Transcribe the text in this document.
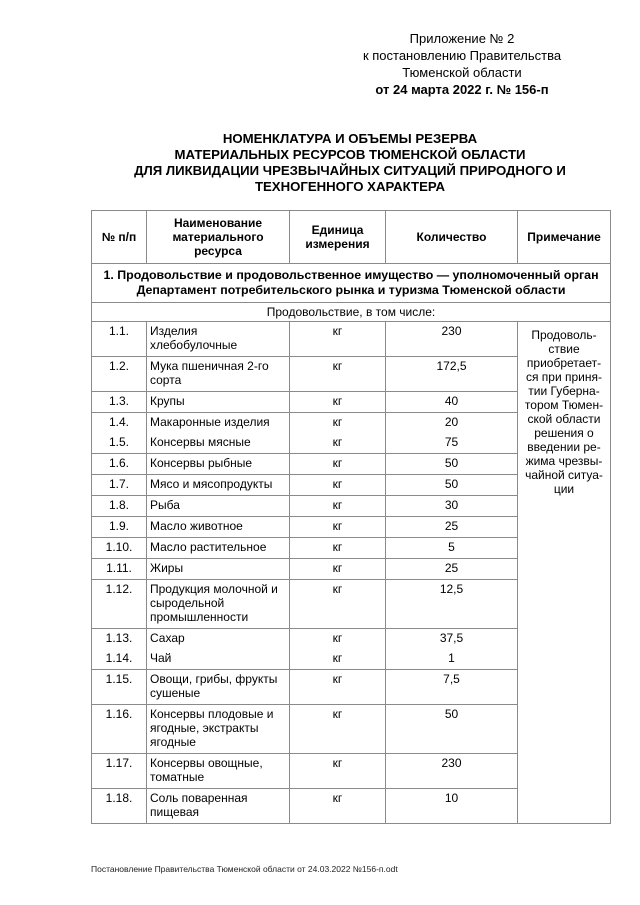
Приложение № 2
к постановлению Правительства
Тюменской области
от 24 марта 2022 г. № 156-п
НОМЕНКЛАТУРА И ОБЪЕМЫ РЕЗЕРВА
МАТЕРИАЛЬНЫХ РЕСУРСОВ ТЮМЕНСКОЙ ОБЛАСТИ
ДЛЯ ЛИКВИДАЦИИ ЧРЕЗВЫЧАЙНЫХ СИТУАЦИЙ ПРИРОДНОГО И
ТЕХНОГЕННОГО ХАРАКТЕРА
№ п/п	Наименование материального ресурса	Единица измерения	Количество	Примечание
1. Продовольствие и продовольственное имущество — уполномоченный орган Департамент потребительского рынка и туризма Тюменской области				
Продовольствие, в том числе:				
1.1.	Изделия хлебобулочные	кг	230	Продоволь-ствие приобретает-ся при приня-тии Губерна-тором Тюмен-ской области решения о введении ре-жима чрезвы-чайной ситуа-ции
1.2.	Мука пшеничная 2-го сорта	кг	172,5	
1.3.	Крупы	кг	40	
1.4.	Макаронные изделия	кг	20	
1.5.	Консервы мясные	кг	75	
1.6.	Консервы рыбные	кг	50	
1.7.	Мясо и мясопродукты	кг	50	
1.8.	Рыба	кг	30	
1.9.	Масло животное	кг	25	
1.10.	Масло растительное	кг	5	
1.11.	Жиры	кг	25	
1.12.	Продукция молочной и сыродельной промышленности	кг	12,5	
1.13.	Сахар	кг	37,5	
1.14.	Чай	кг	1	
1.15.	Овощи, грибы, фрукты сушеные	кг	7,5	
1.16.	Консервы плодовые и ягодные, экстракты ягодные	кг	50	
1.17.	Консервы овощные, томатные	кг	230	
1.18.	Соль поваренная пищевая	кг	10	
Постановление Правительства Тюменской области от 24.03.2022 №156-п.odt
